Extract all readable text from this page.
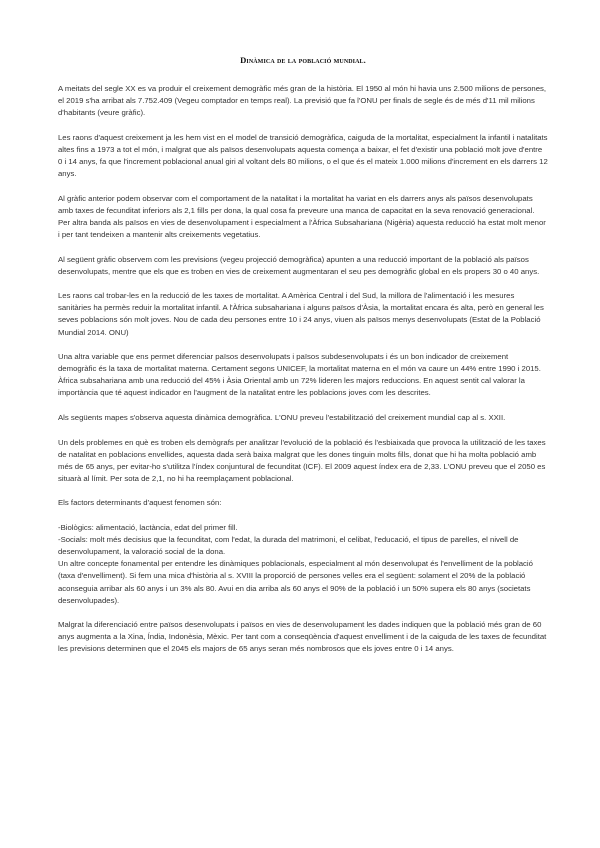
Dinàmica de la població mundial.

A meitats del segle XX es va produir el creixement demogràfic més gran de la història. El 1950 al món hi havia uns 2.500 milions de persones, el 2019 s'ha arribat als 7.752.409 (Vegeu comptador en temps real). La previsió que fa l'ONU per finals de segle és de més d'11 mil milions d'habitants (veure gràfic).

Les raons d'aquest creixement ja les hem vist en el model de transició demogràfica, caiguda de la mortalitat, especialment la infantil i natalitats altes fins a 1973 a tot el món, i malgrat que als països desenvolupats aquesta comença a baixar, el fet d'existir una població molt jove d'entre 0 i 14 anys, fa que l'increment poblacional anual giri al voltant dels 80 milions, o el que és el mateix 1.000 milions d'increment en els darrers 12 anys.

Al gràfic anterior podem observar com el comportament de la natalitat i la mortalitat ha variat en els darrers anys als països desenvolupats amb taxes de fecunditat inferiors als 2,1 fills per dona, la qual cosa fa preveure una manca de capacitat en la seva renovació generacional. Per altra banda als països en vies de desenvolupament i especialment a l'Àfrica Subsahariana (Nigèria) aquesta reducció ha estat molt menor i per tant tendeixen a mantenir alts creixements vegetatius.

Al següent gràfic observem com les previsions (vegeu projecció demogràfica) apunten a una reducció important de la població als països desenvolupats, mentre que els que es troben en vies de creixement augmentaran el seu pes demogràfic global en els propers 30 o 40 anys.

Les raons cal trobar-les en la reducció de les taxes de mortalitat. A Amèrica Central i del Sud, la millora de l'alimentació i les mesures sanitàries ha permès reduir la mortalitat infantil. A l'Àfrica subsahariana i alguns països d'Àsia, la mortalitat encara és alta, però en general les seves poblacions són molt joves. Nou de cada deu persones entre 10 i 24 anys, viuen als països menys desenvolupats (Estat de la Població Mundial 2014. ONU)

Una altra variable que ens permet diferenciar països desenvolupats i països subdesenvolupats i és un bon indicador de creixement demogràfic és la taxa de mortalitat materna. Certament segons UNICEF, la mortalitat materna en el món va caure un 44% entre 1990 i 2015. Àfrica subsahariana amb una reducció del 45% i Àsia Oriental amb un 72% lideren les majors reduccions. En aquest sentit cal valorar la importància que té aquest indicador en l'augment de la natalitat entre les poblacions joves com les descrites.

Als següents mapes s'observa aquesta dinàmica demogràfica. L'ONU preveu l'estabilització del creixement mundial cap al s. XXII.

Un dels problemes en què es troben els demògrafs per analitzar l'evolució de la població és l'esbiaixada que provoca la utilització de les taxes de natalitat en poblacions envellides, aquesta dada serà baixa malgrat que les dones tinguin molts fills, donat que hi ha molta població amb més de 65 anys, per evitar-ho s'utilitza l'índex conjuntural de fecunditat (ICF). El 2009 aquest índex era de 2,33. L'ONU preveu que el 2050 es situarà al límit. Per sota de 2,1, no hi ha reemplaçament poblacional.

Els factors determinants d'aquest fenomen són:

-Biològics: alimentació, lactància, edat del primer fill.

-Socials: molt més decisius que la fecunditat, com l'edat, la durada del matrimoni, el celibat, l'educació, el tipus de parelles, el nivell de desenvolupament, la valoració social de la dona.

Un altre concepte fonamental per entendre les dinàmiques poblacionals, especialment al món desenvolupat és l'envelliment de la població (taxa d'envelliment). Si fem una mica d'història al s. XVIII la proporció de persones velles era el següent: solament el 20% de la població aconseguia arribar als 60 anys i un 3% als 80. Avui en dia arriba als 60 anys el 90% de la població i un 50% supera els 80 anys (societats desenvolupades).

Malgrat la diferenciació entre països desenvolupats i països en vies de desenvolupament les dades indiquen que la població més gran de 60 anys augmenta a la Xina, Índia, Indonèsia, Mèxic. Per tant com a conseqüència d'aquest envelliment i de la caiguda de les taxes de fecunditat les previsions determinen que el 2045 els majors de 65 anys seran més nombrosos que els joves entre 0 i 14 anys.
